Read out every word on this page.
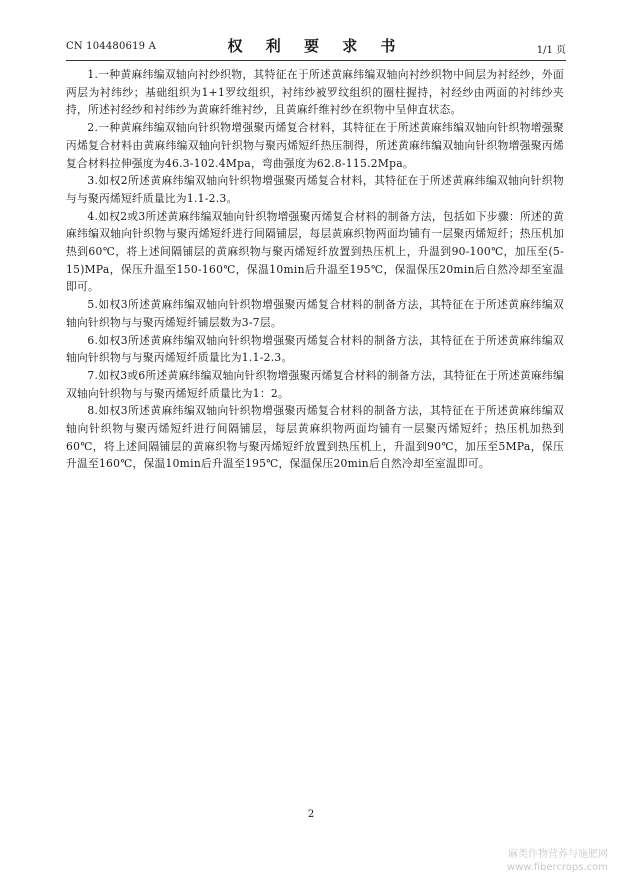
CN 104480619 A	权 利 要 求 书	1/1 页

1.一种黄麻纬编双轴向衬纱织物，其特征在于所述黄麻纬编双轴向衬纱织物中间层为衬经纱，外面两层为衬纬纱；基础组织为1+1罗纹组织，衬纬纱被罗纹组织的圈柱握持，衬经纱由两面的衬纬纱夹持，所述衬经纱和衬纬纱为黄麻纤维衬纱，且黄麻纤维衬纱在织物中呈伸直状态。

2.一种黄麻纬编双轴向针织物增强聚丙烯复合材料，其特征在于所述黄麻纬编双轴向针织物增强聚丙烯复合材料由黄麻纬编双轴向针织物与聚丙烯短纤热压制得，所述黄麻纬编双轴向针织物增强聚丙烯复合材料拉伸强度为46.3-102.4Mpa，弯曲强度为62.8-115.2Mpa。

3.如权2所述黄麻纬编双轴向针织物增强聚丙烯复合材料，其特征在于所述黄麻纬编双轴向针织物与与聚丙烯短纤质量比为1.1-2.3。

4.如权2或3所述黄麻纬编双轴向针织物增强聚丙烯复合材料的制备方法，包括如下步骤：所述的黄麻纬编双轴向针织物与聚丙烯短纤进行间隔铺层，每层黄麻织物两面均铺有一层聚丙烯短纤；热压机加热到60℃，将上述间隔铺层的黄麻织物与聚丙烯短纤放置到热压机上，升温到90-100℃，加压至(5-15)MPa，保压升温至150-160℃，保温10min后升温至195℃，保温保压20min后自然冷却至室温即可。

5.如权3所述黄麻纬编双轴向针织物增强聚丙烯复合材料的制备方法，其特征在于所述黄麻纬编双轴向针织物与与聚丙烯短纤铺层数为3-7层。

6.如权3所述黄麻纬编双轴向针织物增强聚丙烯复合材料的制备方法，其特征在于所述黄麻纬编双轴向针织物与与聚丙烯短纤质量比为1.1-2.3。

7.如权3或6所述黄麻纬编双轴向针织物增强聚丙烯复合材料的制备方法，其特征在于所述黄麻纬编双轴向针织物与与聚丙烯短纤质量比为1：2。

8.如权3所述黄麻纬编双轴向针织物增强聚丙烯复合材料的制备方法，其特征在于所述黄麻纬编双轴向针织物与聚丙烯短纤进行间隔铺层，每层黄麻织物两面均铺有一层聚丙烯短纤；热压机加热到60℃，将上述间隔铺层的黄麻织物与聚丙烯短纤放置到热压机上，升温到90℃，加压至5MPa，保压升温至160℃，保温10min后升温至195℃，保温保压20min后自然冷却至室温即可。

2
麻类作物营养与施肥网
www.fibercrops.com
